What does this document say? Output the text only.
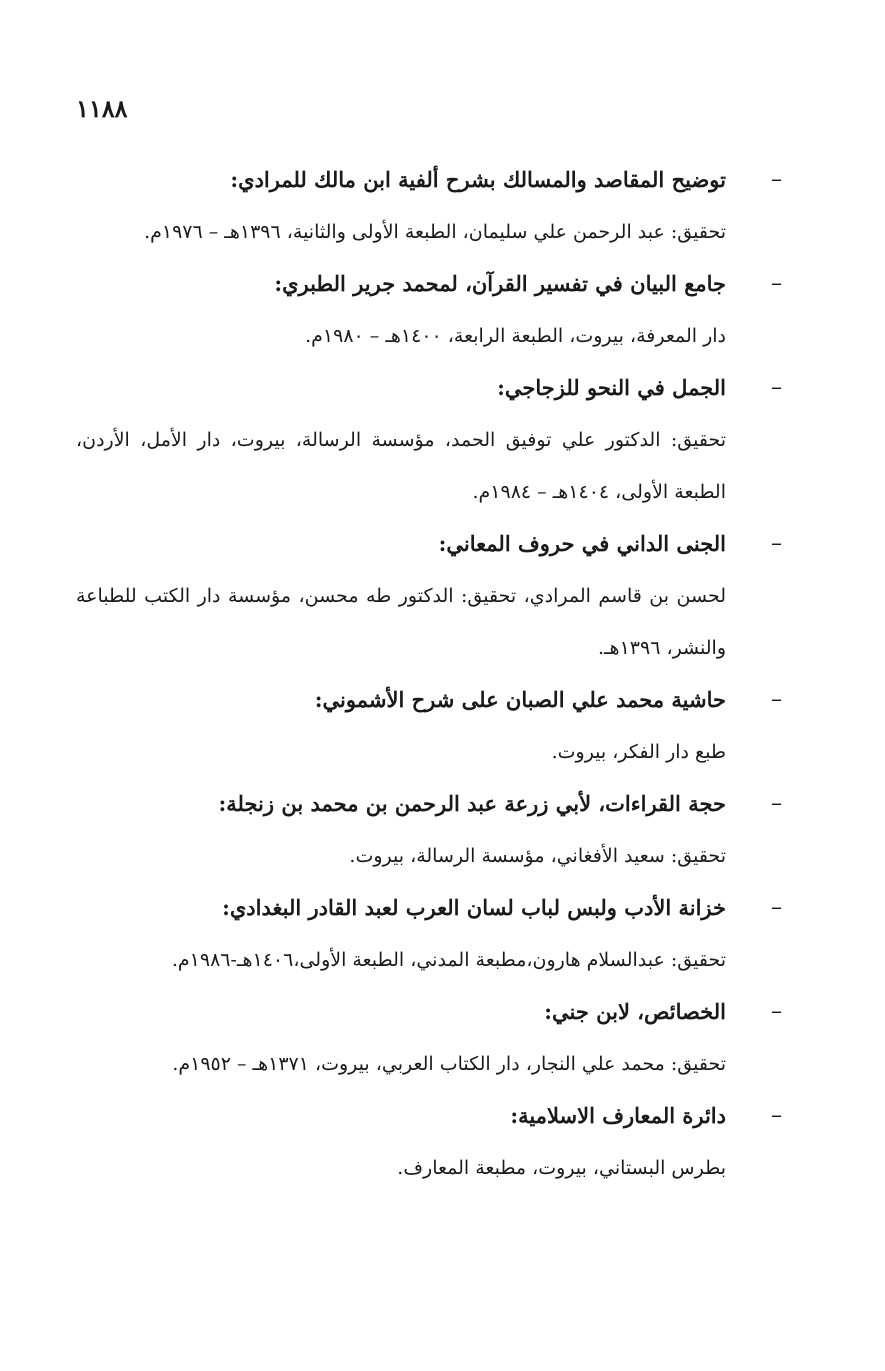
١١٨٨
–
توضيح المقاصد والمسالك بشرح ألفية ابن مالك للمرادي:

تحقيق: عبد الرحمن علي سليمان، الطبعة الأولى والثانية، ١٣٩٦هـ – ١٩٧٦م.

–
جامع البيان في تفسير القرآن، لمحمد جرير الطبري:

دار المعرفة، بيروت، الطبعة الرابعة، ١٤٠٠هـ – ١٩٨٠م.

–
الجمل في النحو للزجاجي:

تحقيق: الدكتور علي توفيق الحمد، مؤسسة الرسالة، بيروت، دار الأمل، الأردن، الطبعة الأولى، ١٤٠٤هـ – ١٩٨٤م.

–
الجنى الداني في حروف المعاني:

لحسن بن قاسم المرادي، تحقيق: الدكتور طه محسن، مؤسسة دار الكتب للطباعة والنشر، ١٣٩٦هـ.

–
حاشية محمد علي الصبان على شرح الأشموني:

طبع دار الفكر، بيروت.

–
حجة القراءات، لأبي زرعة عبد الرحمن بن محمد بن زنجلة:

تحقيق: سعيد الأفغاني، مؤسسة الرسالة، بيروت.

–
خزانة الأدب ولبس لباب لسان العرب لعبد القادر البغدادي:

تحقيق: عبدالسلام هارون،مطبعة المدني، الطبعة الأولى،١٤٠٦هـ-١٩٨٦م.

–
الخصائص، لابن جني:

تحقيق: محمد علي النجار، دار الكتاب العربي، بيروت، ١٣٧١هـ – ١٩٥٢م.

–
دائرة المعارف الاسلامية:

بطرس البستاني، بيروت، مطبعة المعارف.
